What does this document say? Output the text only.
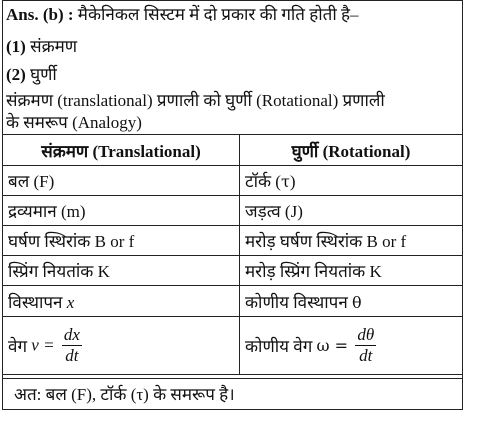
Ans. (b) : मैकेनिकल सिस्टम में दो प्रकार की गति होती है–
(1) संक्रमण
(2) घुर्णी
संक्रमण (translational) प्रणाली को घुर्णी (Rotational) प्रणाली
के समरूप (Analogy)
संक्रमण (Translational)	घुर्णी (Rotational)
बल (F)	टॉर्क (τ)
द्रव्यमान (m)	जड़त्व (J)
घर्षण स्थिरांक B or f	मरोड़ घर्षण स्थिरांक B or f
स्प्रिंग नियतांक K	मरोड़ स्प्रिंग नियतांक K
विस्थापन x	कोणीय विस्थापन θ
वेग $v = \frac{dx}{dt}$	कोणीय वेग $\omega = \frac{d\theta}{dt}$
अत: बल (F), टॉर्क (τ) के समरूप है।
